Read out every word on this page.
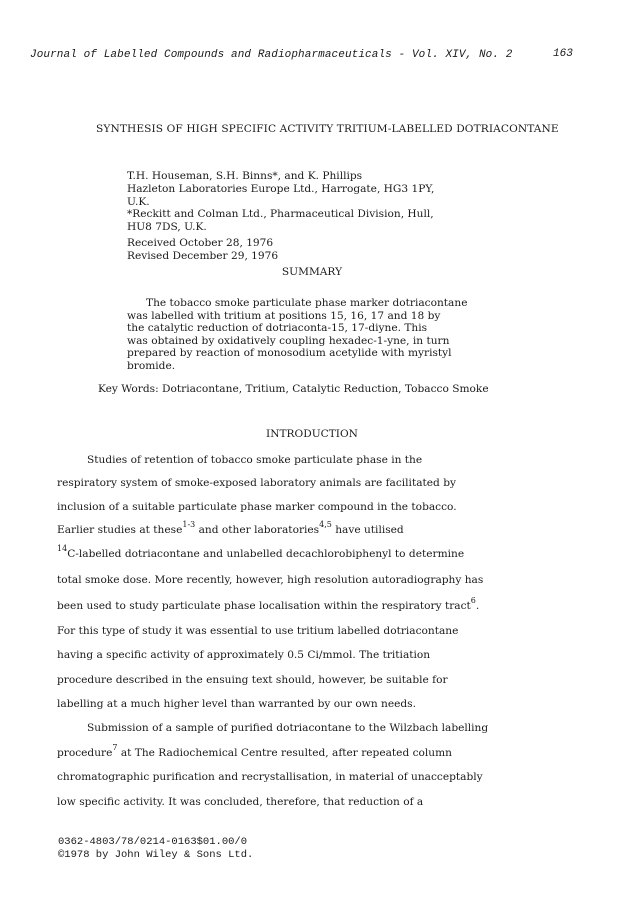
Journal of Labelled Compounds and Radiopharmaceuticals - Vol. XIV, No. 2	163
SYNTHESIS OF HIGH SPECIFIC ACTIVITY TRITIUM-LABELLED DOTRIACONTANE
T.H. Houseman, S.H. Binns*, and K. Phillips
Hazleton Laboratories Europe Ltd., Harrogate, HG3 1PY,
U.K.
*Reckitt and Colman Ltd., Pharmaceutical Division, Hull,
HU8 7DS, U.K.
Received October 28, 1976
Revised December 29, 1976
SUMMARY
The tobacco smoke particulate phase marker dotriacontane
was labelled with tritium at positions 15, 16, 17 and 18 by
the catalytic reduction of dotriaconta-15, 17-diyne. This
was obtained by oxidatively coupling hexadec-1-yne, in turn
prepared by reaction of monosodium acetylide with myristyl
bromide.
Key Words: Dotriacontane, Tritium, Catalytic Reduction, Tobacco Smoke
INTRODUCTION
Studies of retention of tobacco smoke particulate phase in the
respiratory system of smoke-exposed laboratory animals are facilitated by
inclusion of a suitable particulate phase marker compound in the tobacco.
Earlier studies at these$^{1-3}$ and other laboratories$^{4,5}$ have utilised
$^{14}$C-labelled dotriacontane and unlabelled decachlorobiphenyl to determine
total smoke dose. More recently, however, high resolution autoradiography has
been used to study particulate phase localisation within the respiratory tract$^6$.
For this type of study it was essential to use tritium labelled dotriacontane
having a specific activity of approximately 0.5 Ci/mmol. The tritiation
procedure described in the ensuing text should, however, be suitable for
labelling at a much higher level than warranted by our own needs.
Submission of a sample of purified dotriacontane to the Wilzbach labelling
procedure$^7$ at The Radiochemical Centre resulted, after repeated column
chromatographic purification and recrystallisation, in material of unacceptably
low specific activity. It was concluded, therefore, that reduction of a
0362-4803/78/0214-0163$01.00/0
©1978 by John Wiley & Sons Ltd.
